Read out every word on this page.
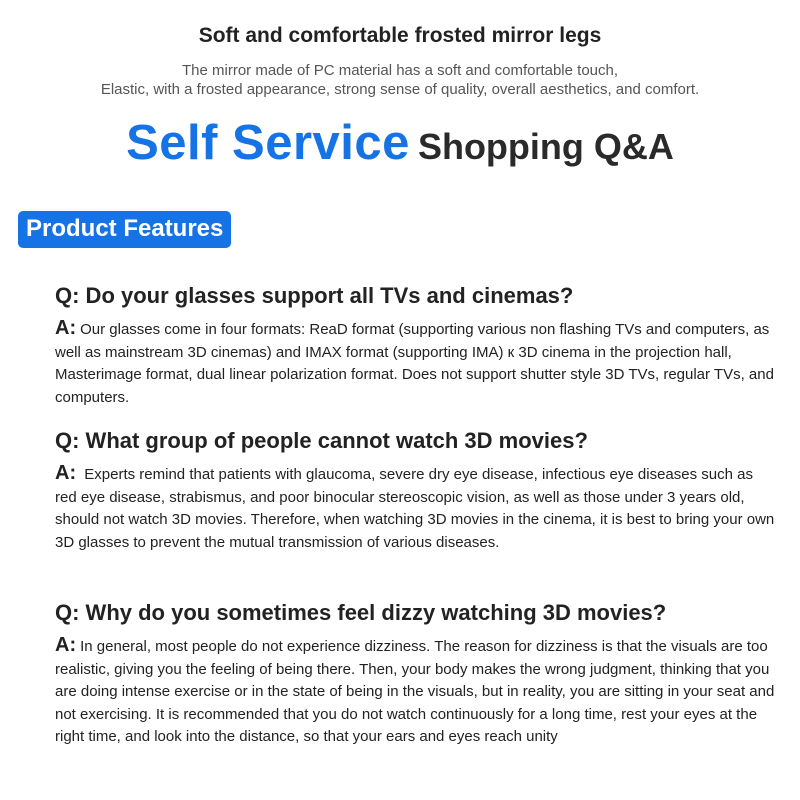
Soft and comfortable frosted mirror legs

The mirror made of PC material has a soft and comfortable touch,
Elastic, with a frosted appearance, strong sense of quality, overall aesthetics, and comfort.

Self Service Shopping Q&A
Product Features

Q: Do your glasses support all TVs and cinemas?

A: Our glasses come in four formats: ReaD format (supporting various non flashing TVs and computers, as well as mainstream 3D cinemas) and IMAX format (supporting IMA) к 3D cinema in the projection hall, Masterimage format, dual linear polarization format. Does not support shutter style 3D TVs, regular TVs, and computers.

Q: What group of people cannot watch 3D movies?

A: Experts remind that patients with glaucoma, severe dry eye disease, infectious eye diseases such as red eye disease, strabismus, and poor binocular stereoscopic vision, as well as those under 3 years old, should not watch 3D movies. Therefore, when watching 3D movies in the cinema, it is best to bring your own 3D glasses to prevent the mutual transmission of various diseases.

Q: Why do you sometimes feel dizzy watching 3D movies?

A: In general, most people do not experience dizziness. The reason for dizziness is that the visuals are too realistic, giving you the feeling of being there. Then, your body makes the wrong judgment, thinking that you are doing intense exercise or in the state of being in the visuals, but in reality, you are sitting in your seat and not exercising. It is recommended that you do not watch continuously for a long time, rest your eyes at the right time, and look into the distance, so that your ears and eyes reach unity
